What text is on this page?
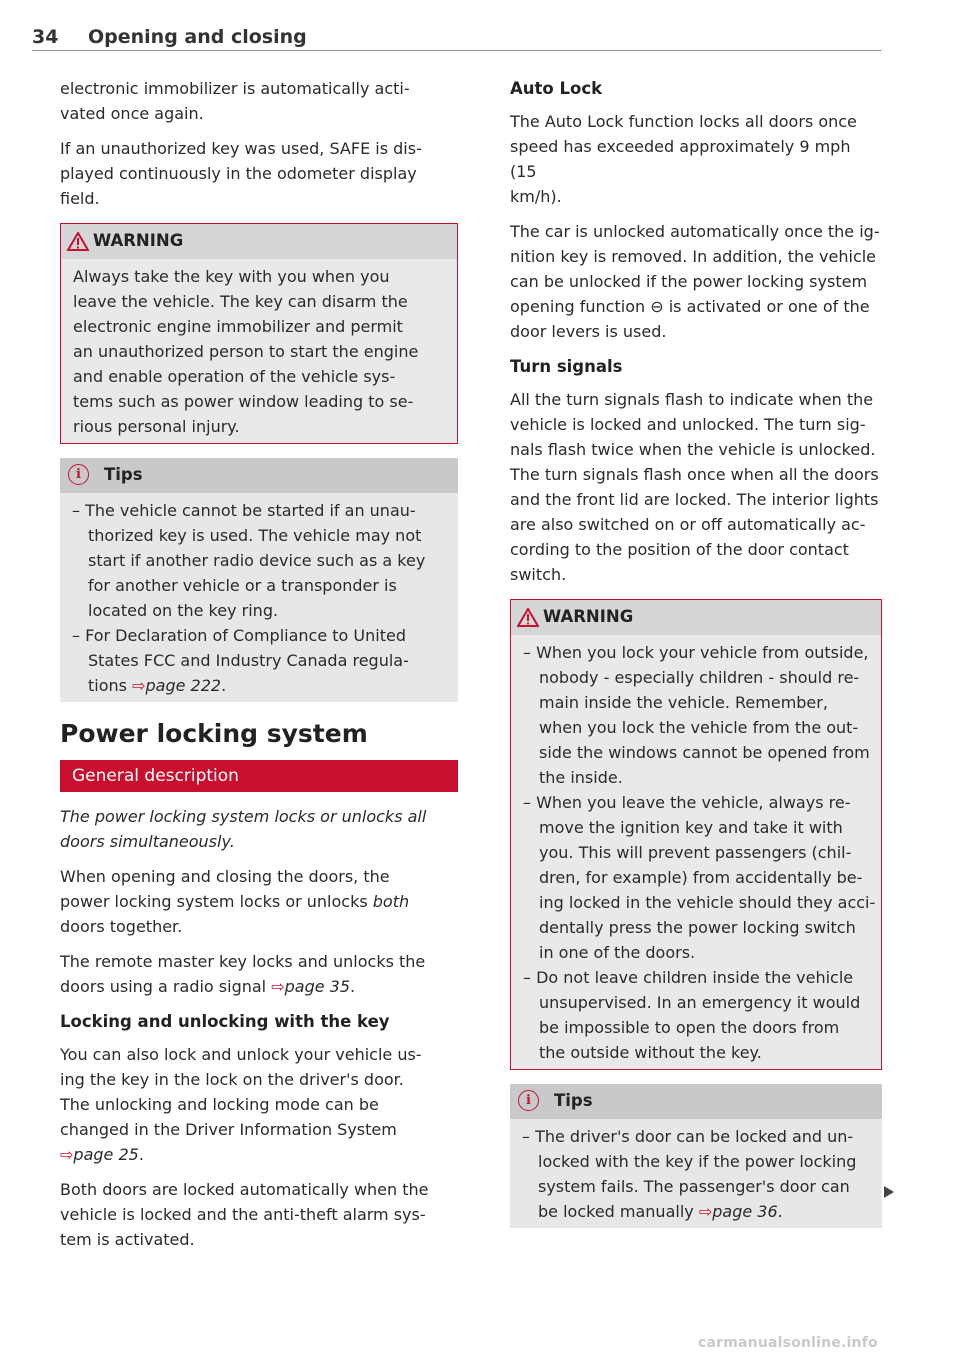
34 Opening and closing

electronic immobilizer is automatically acti-
vated once again.

If an unauthorized key was used, SAFE is dis-
played continuously in the odometer display
field.

WARNING

Always take the key with you when you
leave the vehicle. The key can disarm the
electronic engine immobilizer and permit
an unauthorized person to start the engine
and enable operation of the vehicle sys-
tems such as power window leading to se-
rious personal injury.

i	Tips
– The vehicle cannot be started if an unau-
thorized key is used. The vehicle may not
start if another radio device such as a key
for another vehicle or a transponder is
located on the key ring.
– For Declaration of Compliance to United
States FCC and Industry Canada regula-
tions ⇨page 222.
Power locking system
General description

The power locking system locks or unlocks all
doors simultaneously.

When opening and closing the doors, the
power locking system locks or unlocks both
doors together.

The remote master key locks and unlocks the
doors using a radio signal ⇨page 35.

Locking and unlocking with the key

You can also lock and unlock your vehicle us-
ing the key in the lock on the driver's door.
The unlocking and locking mode can be
changed in the Driver Information System
⇨page 25.

Both doors are locked automatically when the
vehicle is locked and the anti-theft alarm sys-
tem is activated.

Auto Lock

The Auto Lock function locks all doors once
speed has exceeded approximately 9 mph (15
km/h).

The car is unlocked automatically once the ig-
nition key is removed. In addition, the vehicle
can be unlocked if the power locking system
opening function ⊖ is activated or one of the
door levers is used.

Turn signals

All the turn signals flash to indicate when the
vehicle is locked and unlocked. The turn sig-
nals flash twice when the vehicle is unlocked.
The turn signals flash once when all the doors
and the front lid are locked. The interior lights
are also switched on or off automatically ac-
cording to the position of the door contact
switch.

WARNING
– When you lock your vehicle from outside,
nobody - especially children - should re-
main inside the vehicle. Remember,
when you lock the vehicle from the out-
side the windows cannot be opened from
the inside.
– When you leave the vehicle, always re-
move the ignition key and take it with
you. This will prevent passengers (chil-
dren, for example) from accidentally be-
ing locked in the vehicle should they acci-
dentally press the power locking switch
in one of the doors.
– Do not leave children inside the vehicle
unsupervised. In an emergency it would
be impossible to open the doors from
the outside without the key.
i	Tips
– The driver's door can be locked and un-
locked with the key if the power locking
system fails. The passenger's door can
be locked manually ⇨page 36.
carmanualsonline.info
